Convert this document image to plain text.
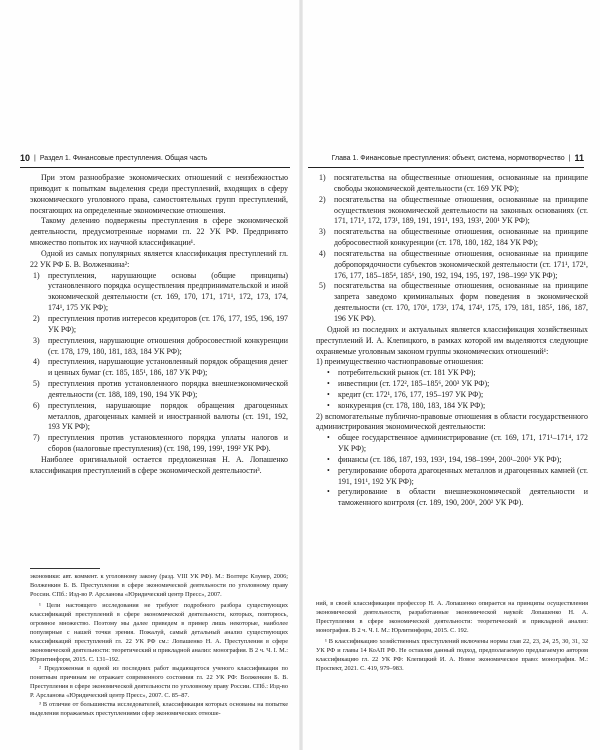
10 | Раздел 1. Финансовые преступления. Общая часть

При этом разнообразие экономических отношений с неизбежностью приводит к попыткам выделения среди преступлений, входящих в сферу экономического уголовного права, самостоятельных групп преступлений, посягающих на определенные экономические отношения.

Такому делению подвержены преступления в сфере экономической деятельности, предусмотренные нормами гл. 22 УК РФ. Предпринято множество попыток их научной классификации¹.

Одной из самых популярных является классификация преступлений гл. 22 УК РФ Б. В. Волженкина²:

1) преступления, нарушающие основы (общие принципы) установленного порядка осуществления предпринимательской и иной экономической деятельности (ст. 169, 170, 171, 171¹, 172, 173, 174, 174¹, 175 УК РФ);
2) преступления против интересов кредиторов (ст. 176, 177, 195, 196, 197 УК РФ);
3) преступления, нарушающие отношения добросовестной конкуренции (ст. 178, 179, 180, 181, 183, 184 УК РФ);
4) преступления, нарушающие установленный порядок обращения денег и ценных бумаг (ст. 185, 185¹, 186, 187 УК РФ);
5) преступления против установленного порядка внешнеэкономической деятельности (ст. 188, 189, 190, 194 УК РФ);
6) преступления, нарушающие порядок обращения драгоценных металлов, драгоценных камней и иностранной валюты (ст. 191, 192, 193 УК РФ);
7) преступления против установленного порядка уплаты налогов и сборов (налоговые преступления) (ст. 198, 199, 199¹, 199² УК РФ).

Наиболее оригинальной остается предложенная Н. А. Лопашенко классификация преступлений в сфере экономической деятельности³.

экономики: авт. коммент. к уголовному закону (разд. VIII УК РФ). М.: Волтерс Клувер, 2006; Волженкин Б. В. Преступления в сфере экономической деятельности по уголовному праву России. СПб.: Изд-во Р. Арсланова «Юридический центр Пресс», 2007.

¹ Цели настоящего исследования не требуют подробного разбора существующих классификаций преступлений в сфере экономической деятельности, которых, повторюсь, огромное множество. Поэтому мы далее приведем в пример лишь некоторые, наиболее популярные с нашей точки зрения. Пожалуй, самый детальный анализ существующих классификаций преступлений гл. 22 УК РФ см.: Лопашенко Н. А. Преступления в сфере экономической деятельности: теоретический и прикладной анализ: монография. В 2 ч. Ч. I. М.: Юрлитинформ, 2015. С. 131–192.

² Предложенная в одной из последних работ выдающегося ученого классификация по понятным причинам не отражает современного состояния гл. 22 УК РФ: Волженкин Б. В. Преступления в сфере экономической деятельности по уголовному праву России. СПб.: Изд-во Р. Арсланова «Юридический центр Пресс», 2007. С. 85–87.

³ В отличие от большинства исследователей, классификация которых основаны на попытке выделения поражаемых преступлениями сфер экономических отноше-

Глава 1. Финансовые преступления: объект, система, нормотворчество | 11
1) посягательства на общественные отношения, основанные на принципе свободы экономической деятельности (ст. 169 УК РФ);
2) посягательства на общественные отношения, основанные на принципе осуществления экономической деятельности на законных основаниях (ст. 171, 171², 172, 173¹, 189, 191, 191¹, 193, 193¹, 200¹ УК РФ);
3) посягательства на общественные отношения, основанные на принципе добросовестной конкуренции (ст. 178, 180, 182, 184 УК РФ);
4) посягательства на общественные отношения, основанные на принципе добропорядочности субъектов экономической деятельности (ст. 171¹, 172¹, 176, 177, 185–185⁴, 185⁶, 190, 192, 194, 195, 197, 198–199² УК РФ);
5) посягательства на общественные отношения, основанные на принципе запрета заведомо криминальных форм поведения в экономической деятельности (ст. 170, 170¹, 173², 174, 174¹, 175, 179, 181, 185⁵, 186, 187, 196 УК РФ).

Одной из последних и актуальных является классификация хозяйственных преступлений И. А. Клепицкого, в рамках которой им выделяются следующие охраняемые уголовным законом группы экономических отношений¹:

1) преимущественно частноправовые отношения:
• потребительский рынок (ст. 181 УК РФ);
• инвестиции (ст. 172², 185–185⁶, 200³ УК РФ);
• кредит (ст. 172¹, 176, 177, 195–197 УК РФ);
• конкуренция (ст. 178, 180, 183, 184 УК РФ);
2) вспомогательные публично-правовые отношения в области государственного администрирования экономической деятельности:
• общее государственное администрирование (ст. 169, 171, 171¹–171⁴, 172 УК РФ);
• финансы (ст. 186, 187, 193, 193¹, 194, 198–199⁴, 200¹–200⁶ УК РФ);
• регулирование оборота драгоценных металлов и драгоценных камней (ст. 191, 191¹, 192 УК РФ);
• регулирование в области внешнеэкономической деятельности и таможенного контроля (ст. 189, 190, 200¹, 200² УК РФ).

ний, в своей классификации профессор Н. А. Лопашенко опирается на принципы осуществления экономической деятельности, разработанные экономической наукой: Лопашенко Н. А. Преступления в сфере экономической деятельности: теоретический и прикладной анализ: монография. В 2 ч. Ч. I. М.: Юрлитинформ, 2015. С. 192.

¹ В классификацию хозяйственных преступлений включены нормы глав 22, 23, 24, 25, 30, 31, 32 УК РФ и главы 14 КоАП РФ. Не оставляя данный подход, предполагаемую предлагаемую автором классификацию гл. 22 УК РФ: Клепицкий И. А. Новое экономическое право: монография. М.: Проспект, 2021. С. 419, 979–983.
